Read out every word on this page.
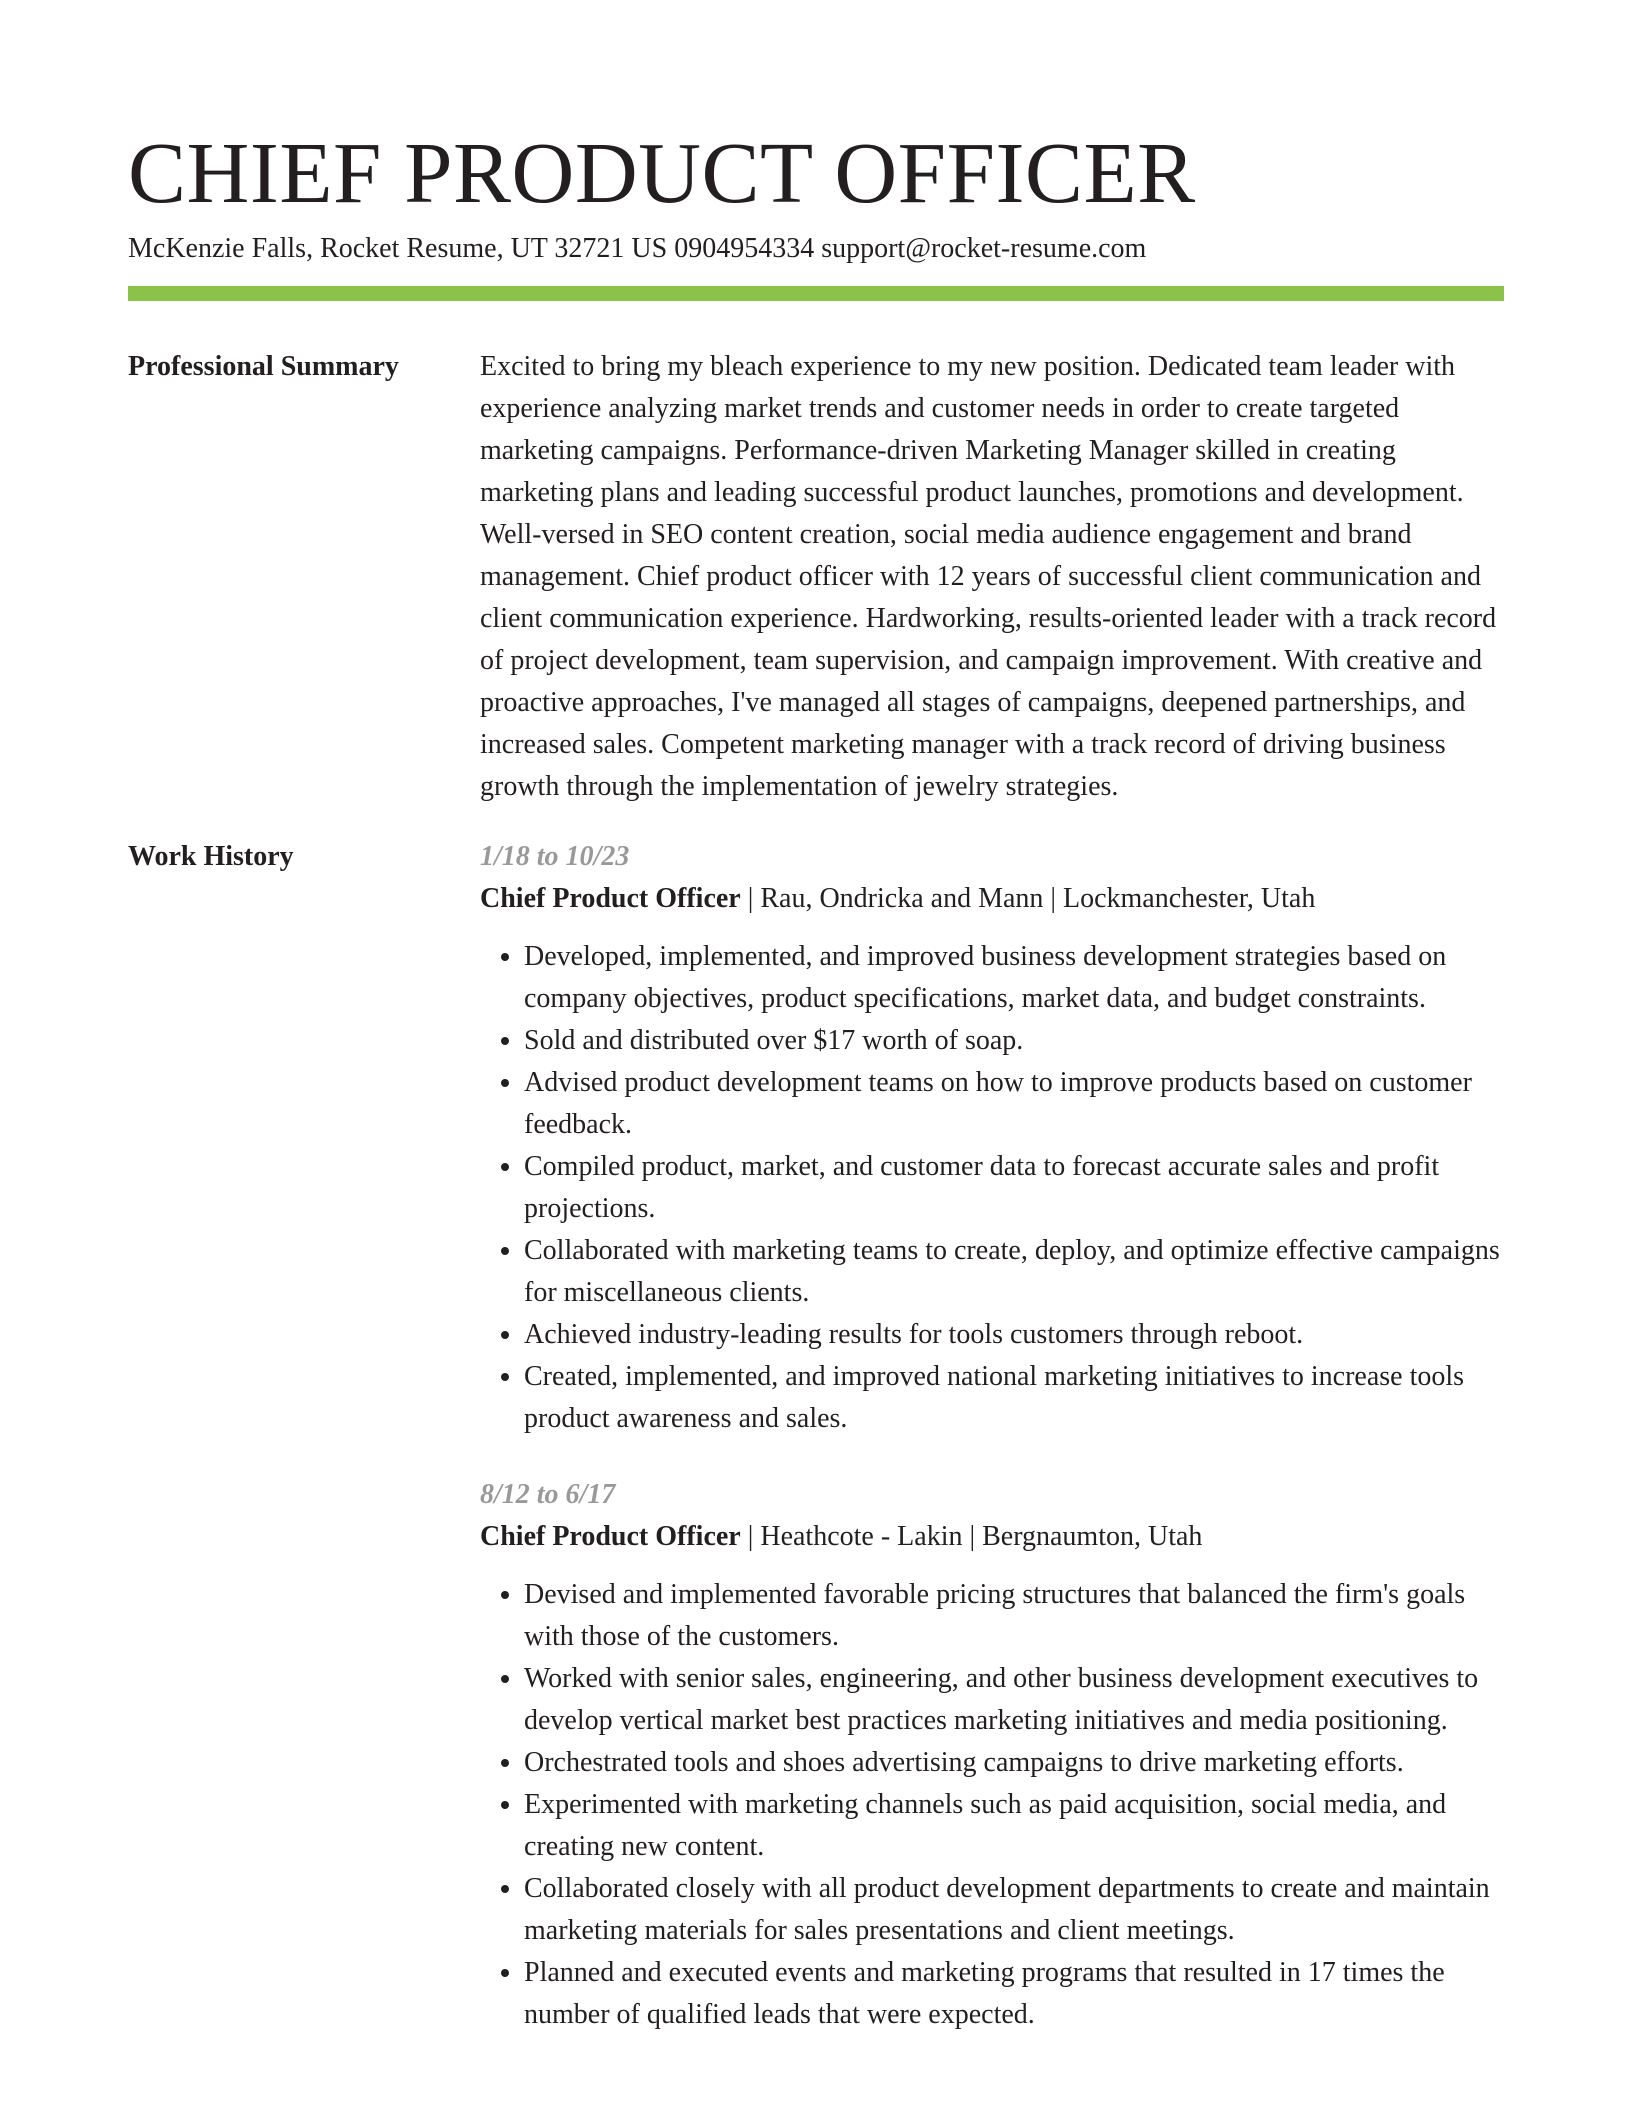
CHIEF PRODUCT OFFICER
McKenzie Falls, Rocket Resume, UT 32721 US 0904954334 support@rocket-resume.com
Professional Summary	Excited to bring my bleach experience to my new position. Dedicated team leader with experience analyzing market trends and customer needs in order to create targeted marketing campaigns. Performance-driven Marketing Manager skilled in creating marketing plans and leading successful product launches, promotions and development. Well-versed in SEO content creation, social media audience engagement and brand management. Chief product officer with 12 years of successful client communication and client communication experience. Hardworking, results-oriented leader with a track record of project development, team supervision, and campaign improvement. With creative and proactive approaches, I've managed all stages of campaigns, deepened partnerships, and increased sales. Competent marketing manager with a track record of driving business growth through the implementation of jewelry strategies.

Work History	1/18 to 10/23
Chief Product Officer | Rau, Ondricka and Mann | Lockmanchester, Utah
• Developed, implemented, and improved business development strategies based on company objectives, product specifications, market data, and budget constraints.
• Sold and distributed over $17 worth of soap.
• Advised product development teams on how to improve products based on customer feedback.
• Compiled product, market, and customer data to forecast accurate sales and profit projections.
• Collaborated with marketing teams to create, deploy, and optimize effective campaigns for miscellaneous clients.
• Achieved industry-leading results for tools customers through reboot.
• Created, implemented, and improved national marketing initiatives to increase tools product awareness and sales.
8/12 to 6/17
Chief Product Officer | Heathcote - Lakin | Bergnaumton, Utah
• Devised and implemented favorable pricing structures that balanced the firm's goals with those of the customers.
• Worked with senior sales, engineering, and other business development executives to develop vertical market best practices marketing initiatives and media positioning.
• Orchestrated tools and shoes advertising campaigns to drive marketing efforts.
• Experimented with marketing channels such as paid acquisition, social media, and creating new content.
• Collaborated closely with all product development departments to create and maintain marketing materials for sales presentations and client meetings.
• Planned and executed events and marketing programs that resulted in 17 times the number of qualified leads that were expected.
